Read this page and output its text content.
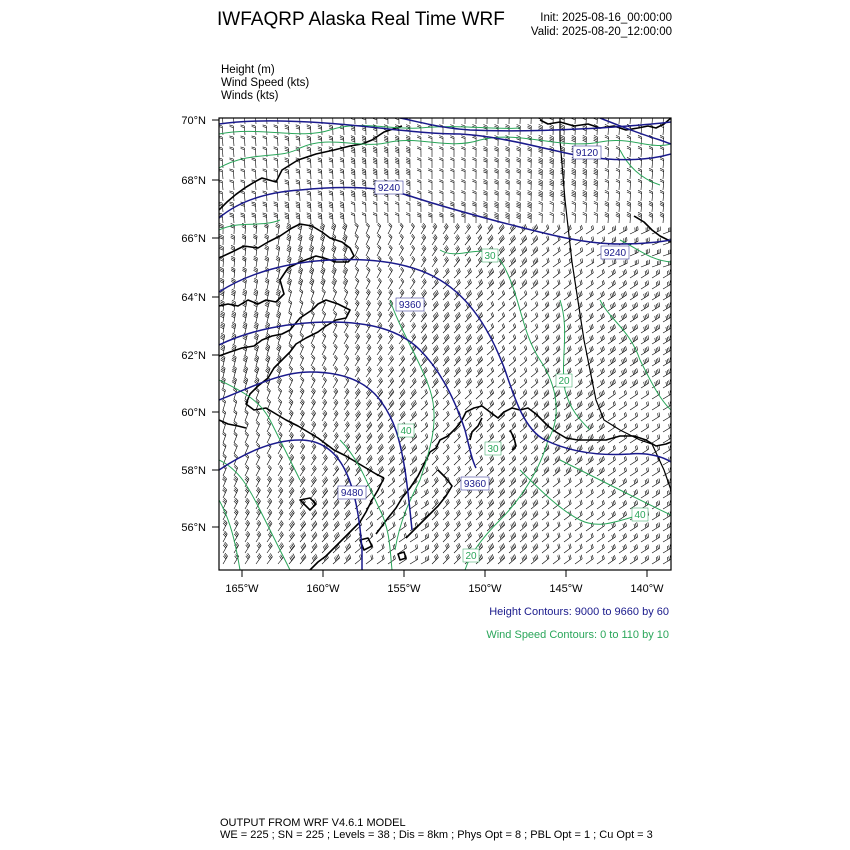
IWFAQRP Alaska Real Time WRF	Init: 2025-08-16_00:00:00
Valid: 2025-08-20_12:00:00
Height (m)
Wind Speed (kts)
Winds (kts)
9120
9240
9240
9360
9360
9480
30
20
40
30
40
20
70°N
68°N
66°N
64°N
62°N
60°N
58°N
56°N
165°W	160°W	155°W	150°W	145°W	140°W
Height Contours: 9000 to 9660 by 60
Wind Speed Contours: 0 to 110 by 10
OUTPUT FROM WRF V4.6.1 MODEL
WE = 225 ; SN = 225 ; Levels = 38 ; Dis = 8km ; Phys Opt = 8 ; PBL Opt = 1 ; Cu Opt = 3
